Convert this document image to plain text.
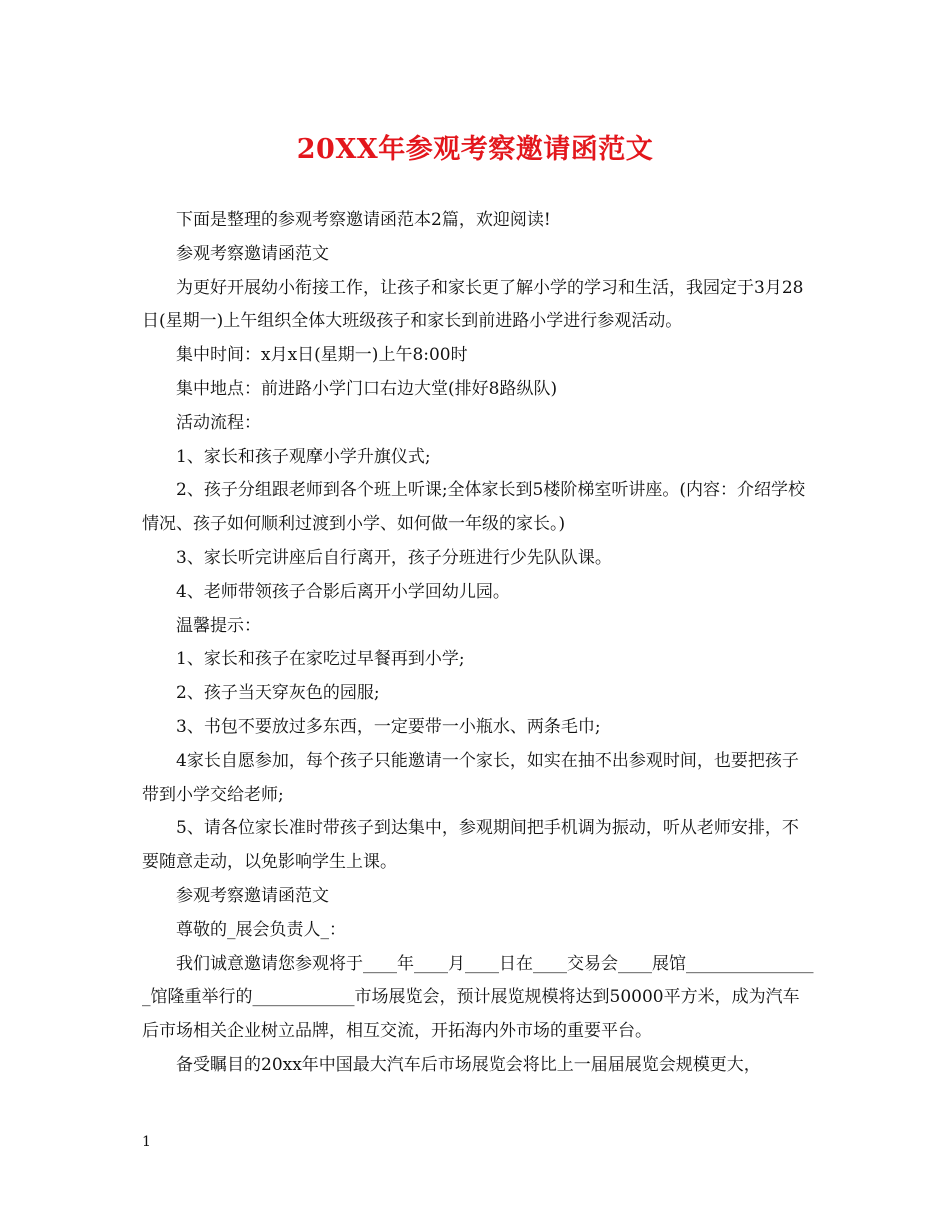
20XX年参观考察邀请函范文

下面是整理的参观考察邀请函范本2篇，欢迎阅读!

参观考察邀请函范文

为更好开展幼小衔接工作，让孩子和家长更了解小学的学习和生活，我园定于3月28日(星期一)上午组织全体大班级孩子和家长到前进路小学进行参观活动。

集中时间：x月x日(星期一)上午8:00时

集中地点：前进路小学门口右边大堂(排好8路纵队)

活动流程：

1、家长和孩子观摩小学升旗仪式;

2、孩子分组跟老师到各个班上听课;全体家长到5楼阶梯室听讲座。(内容：介绍学校情况、孩子如何顺利过渡到小学、如何做一年级的家长。)

3、家长听完讲座后自行离开，孩子分班进行少先队队课。

4、老师带领孩子合影后离开小学回幼儿园。

温馨提示：

1、家长和孩子在家吃过早餐再到小学;

2、孩子当天穿灰色的园服;

3、书包不要放过多东西，一定要带一小瓶水、两条毛巾;

4家长自愿参加，每个孩子只能邀请一个家长，如实在抽不出参观时间，也要把孩子带到小学交给老师;

5、请各位家长准时带孩子到达集中，参观期间把手机调为振动，听从老师安排，不要随意走动，以免影响学生上课。

参观考察邀请函范文

尊敬的_展会负责人_：

我们诚意邀请您参观将于____年____月____日在____交易会____展馆________________馆隆重举行的____________市场展览会，预计展览规模将达到50000平方米，成为汽车后市场相关企业树立品牌，相互交流，开拓海内外市场的重要平台。

备受瞩目的20xx年中国最大汽车后市场展览会将比上一届届展览会规模更大，

1
